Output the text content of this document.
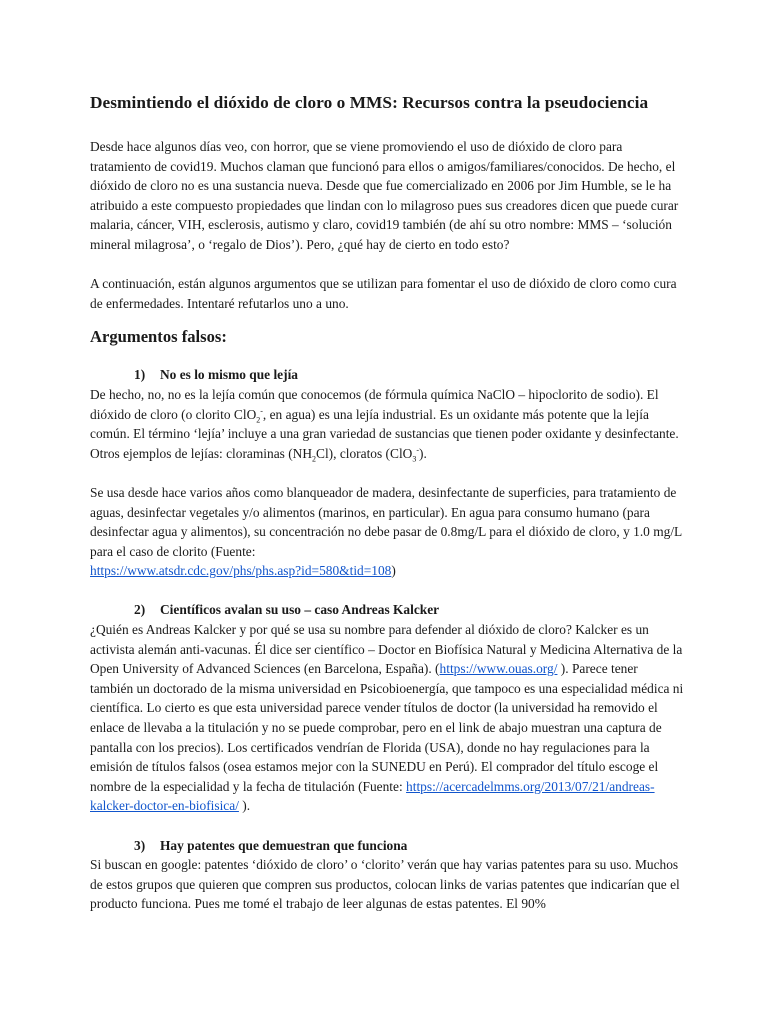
Desmintiendo el dióxido de cloro o MMS: Recursos contra la pseudociencia

Desde hace algunos días veo, con horror, que se viene promoviendo el uso de dióxido de cloro para tratamiento de covid19. Muchos claman que funcionó para ellos o amigos/familiares/conocidos. De hecho, el dióxido de cloro no es una sustancia nueva. Desde que fue comercializado en 2006 por Jim Humble, se le ha atribuido a este compuesto propiedades que lindan con lo milagroso pues sus creadores dicen que puede curar malaria, cáncer, VIH, esclerosis, autismo y claro, covid19 también (de ahí su otro nombre: MMS – ‘solución mineral milagrosa’, o ‘regalo de Dios’). Pero, ¿qué hay de cierto en todo esto?

A continuación, están algunos argumentos que se utilizan para fomentar el uso de dióxido de cloro como cura de enfermedades. Intentaré refutarlos uno a uno.

Argumentos falsos:
1) No es lo mismo que lejía

De hecho, no, no es la lejía común que conocemos (de fórmula química NaClO – hipoclorito de sodio). El dióxido de cloro (o clorito ClO$_2$-, en agua) es una lejía industrial. Es un oxidante más potente que la lejía común. El término ‘lejía’ incluye a una gran variedad de sustancias que tienen poder oxidante y desinfectante. Otros ejemplos de lejías: cloraminas $(NH_2Cl)$, cloratos (ClO$_3$-).

Se usa desde hace varios años como blanqueador de madera, desinfectante de superficies, para tratamiento de aguas, desinfectar vegetales y/o alimentos (marinos, en particular). En agua para consumo humano (para desinfectar agua y alimentos), su concentración no debe pasar de 0.8mg/L para el dióxido de cloro, y 1.0 mg/L para el caso de clorito (Fuente:
https://www.atsdr.cdc.gov/phs/phs.asp?id=580&tid=108)

2) Científicos avalan su uso – caso Andreas Kalcker

¿Quién es Andreas Kalcker y por qué se usa su nombre para defender al dióxido de cloro? Kalcker es un activista alemán anti-vacunas. Él dice ser científico – Doctor en Biofísica Natural y Medicina Alternativa de la Open University of Advanced Sciences (en Barcelona, España). (https://www.ouas.org/ ). Parece tener también un doctorado de la misma universidad en Psicobioenergía, que tampoco es una especialidad médica ni científica. Lo cierto es que esta universidad parece vender títulos de doctor (la universidad ha removido el enlace de llevaba a la titulación y no se puede comprobar, pero en el link de abajo muestran una captura de pantalla con los precios). Los certificados vendrían de Florida (USA), donde no hay regulaciones para la emisión de títulos falsos (osea estamos mejor con la SUNEDU en Perú). El comprador del título escoge el nombre de la especialidad y la fecha de titulación (Fuente: https://acercadelmms.org/2013/07/21/andreas-kalcker-doctor-en-biofisica/ ).

3) Hay patentes que demuestran que funciona

Si buscan en google: patentes ‘dióxido de cloro’ o ‘clorito’ verán que hay varias patentes para su uso. Muchos de estos grupos que quieren que compren sus productos, colocan links de varias patentes que indicarían que el producto funciona. Pues me tomé el trabajo de leer algunas de estas patentes. El 90%
